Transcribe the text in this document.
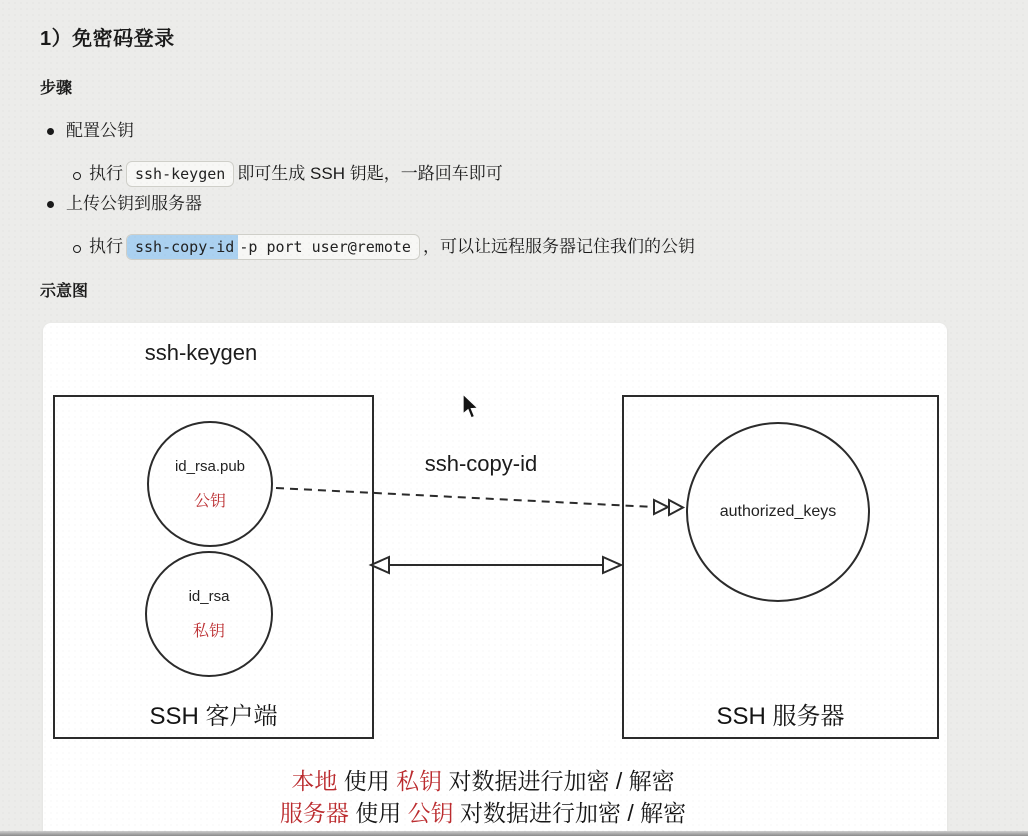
1）免密码登录
步骤
示意图
配置公钥
执行 ssh-keygen 即可生成 SSH 钥匙，一路回车即可
上传公钥到服务器
执行 ssh-copy-id -p port user@remote ，可以让远程服务器记住我们的公钥
ssh-keygen
ssh-copy-id
SSH 客户端	SSH 服务器
id_rsa.pub
公钥
id_rsa
私钥
authorized_keys
本地 使用 私钥 对数据进行加密 / 解密
服务器 使用 公钥 对数据进行加密 / 解密
